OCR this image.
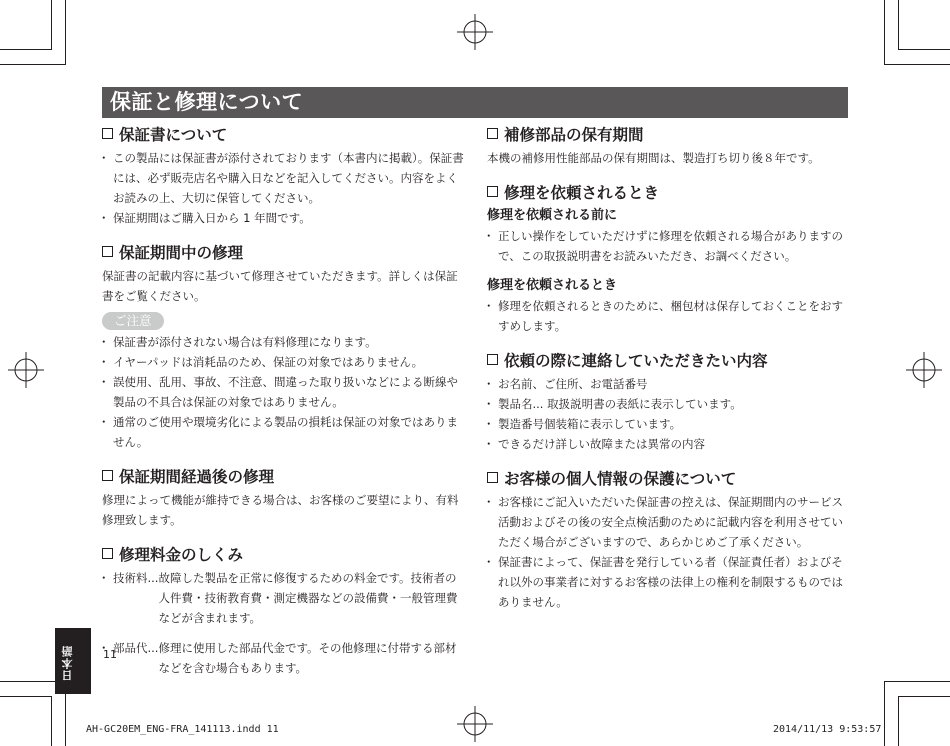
保証と修理について
保証書について
・ この製品には保証書が添付されております（本書内に掲載）。保証書には、必ず販売店名や購入日などを記入してください。内容をよくお読みの上、大切に保管してください。
・ 保証期間はご購入日から 1 年間です。
保証期間中の修理

保証書の記載内容に基づいて修理させていただきます。詳しくは保証書をご覧ください。

ご注意
・ 保証書が添付されない場合は有料修理になります。
・ イヤーパッドは消耗品のため、保証の対象ではありません。
・ 誤使用、乱用、事故、不注意、間違った取り扱いなどによる断線や製品の不具合は保証の対象ではありません。
・ 通常のご使用や環境劣化による製品の損耗は保証の対象ではありません。
保証期間経過後の修理

修理によって機能が維持できる場合は、お客様のご要望により、有料修理致します。

修理料金のしくみ
・ 技術料... 故障した製品を正常に修復するための料金です。技術者の人件費・技術教育費・測定機器などの設備費・一般管理費などが含まれます。
・ 部品代... 修理に使用した部品代金です。その他修理に付帯する部材などを含む場合もあります。
補修部品の保有期間

本機の補修用性能部品の保有期間は、製造打ち切り後８年です。

修理を依頼されるとき
修理を依頼される前に
・ 正しい操作をしていただけずに修理を依頼される場合がありますので、この取扱説明書をお読みいただき、お調べください。
修理を依頼されるとき
・ 修理を依頼されるときのために、梱包材は保存しておくことをおすすめします。
依頼の際に連絡していただきたい内容
・ お名前、ご住所、お電話番号
・ 製品名... 取扱説明書の表紙に表示しています。
・ 製造番号個装箱に表示しています。
・ できるだけ詳しい故障または異常の内容
お客様の個人情報の保護について
・ お客様にご記入いただいた保証書の控えは、保証期間内のサービス活動およびその後の安全点検活動のために記載内容を利用させていただく場合がございますので、あらかじめご了承ください。
・ 保証書によって、保証書を発行している者（保証責任者）およびそれ以外の事業者に対するお客様の法律上の権利を制限するものではありません。
日本語	11
AH-GC20EM_ENG-FRA_141113.indd 11	2014/11/13 9:53:57
